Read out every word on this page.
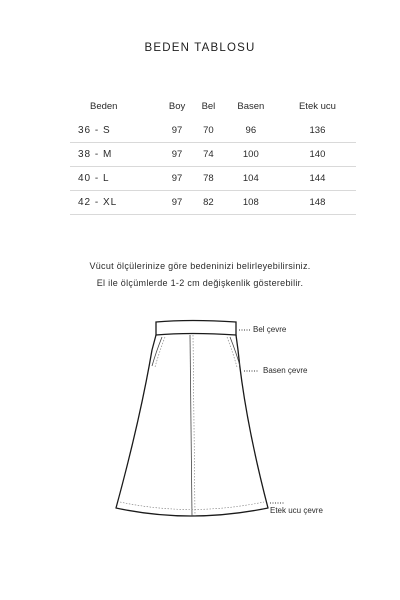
BEDEN TABLOSU
Beden	Boy	Bel	Basen	Etek ucu
36 - S	97	70	96	136
38 - M	97	74	100	140
40 - L	97	78	104	144
42 - XL	97	82	108	148
Vücut ölçülerinize göre bedeninizi belirleyebilirsiniz.
El ile ölçümlerde 1-2 cm değişkenlik gösterebilir.
Bel çevre
Basen çevre
Etek ucu çevre
